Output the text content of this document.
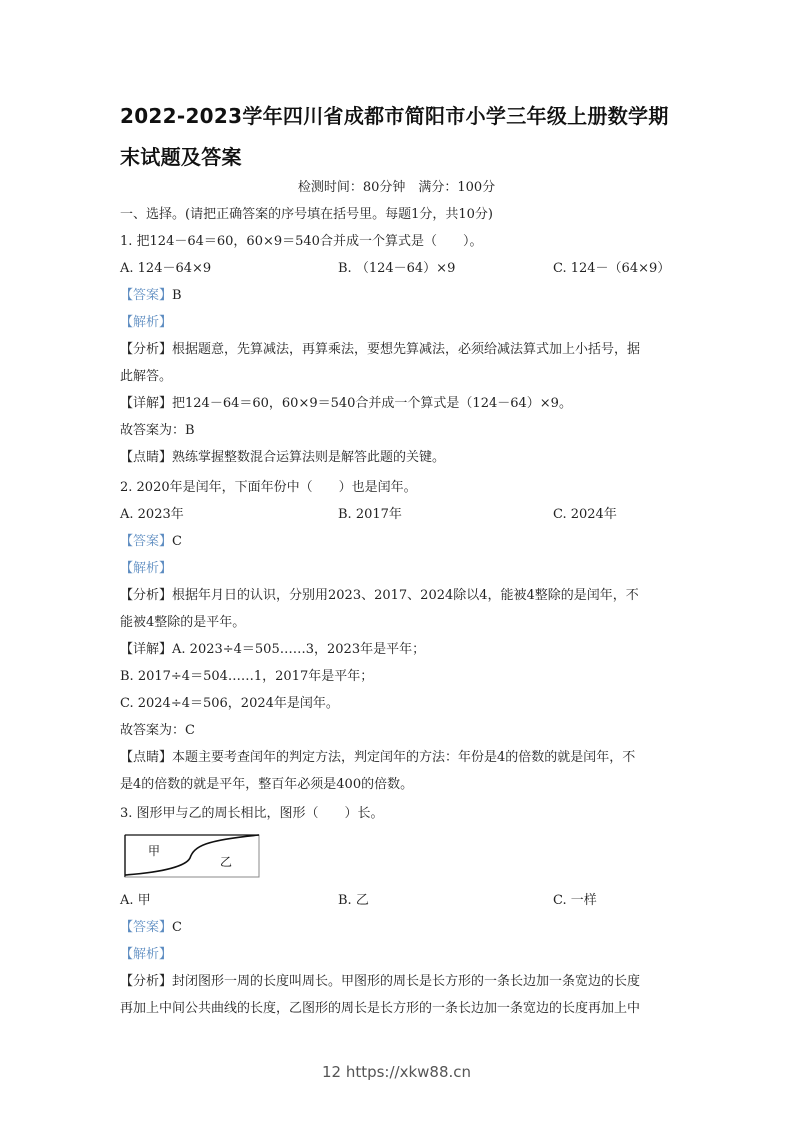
2022-2023学年四川省成都市简阳市小学三年级上册数学期
末试题及答案
检测时间：80分钟　满分：100分
一、选择。(请把正确答案的序号填在括号里。每题1分，共10分)
1. 把124－64＝60，60×9＝540合并成一个算式是（　　）。
A. 124－64×9	B. （124－64）×9	C. 124－（64×9）
【答案】B
【解析】
【分析】根据题意，先算减法，再算乘法，要想先算减法，必须给减法算式加上小括号，据
此解答。
【详解】把124－64＝60，60×9＝540合并成一个算式是（124－64）×9。
故答案为：B
【点睛】熟练掌握整数混合运算法则是解答此题的关键。
2. 2020年是闰年，下面年份中（　　）也是闰年。
A. 2023年	B. 2017年	C. 2024年
【答案】C
【解析】
【分析】根据年月日的认识，分别用2023、2017、2024除以4，能被4整除的是闰年，不
能被4整除的是平年。
【详解】A. 2023÷4＝505……3，2023年是平年；
B. 2017÷4＝504……1，2017年是平年；
C. 2024÷4＝506，2024年是闰年。
故答案为：C
【点睛】本题主要考查闰年的判定方法，判定闰年的方法：年份是4的倍数的就是闰年，不
是4的倍数的就是平年，整百年必须是400的倍数。
3. 图形甲与乙的周长相比，图形（　　）长。
甲
乙
A. 甲	B. 乙	C. 一样
【答案】C
【解析】
【分析】封闭图形一周的长度叫周长。甲图形的周长是长方形的一条长边加一条宽边的长度
再加上中间公共曲线的长度，乙图形的周长是长方形的一条长边加一条宽边的长度再加上中
12 https://xkw88.cn
